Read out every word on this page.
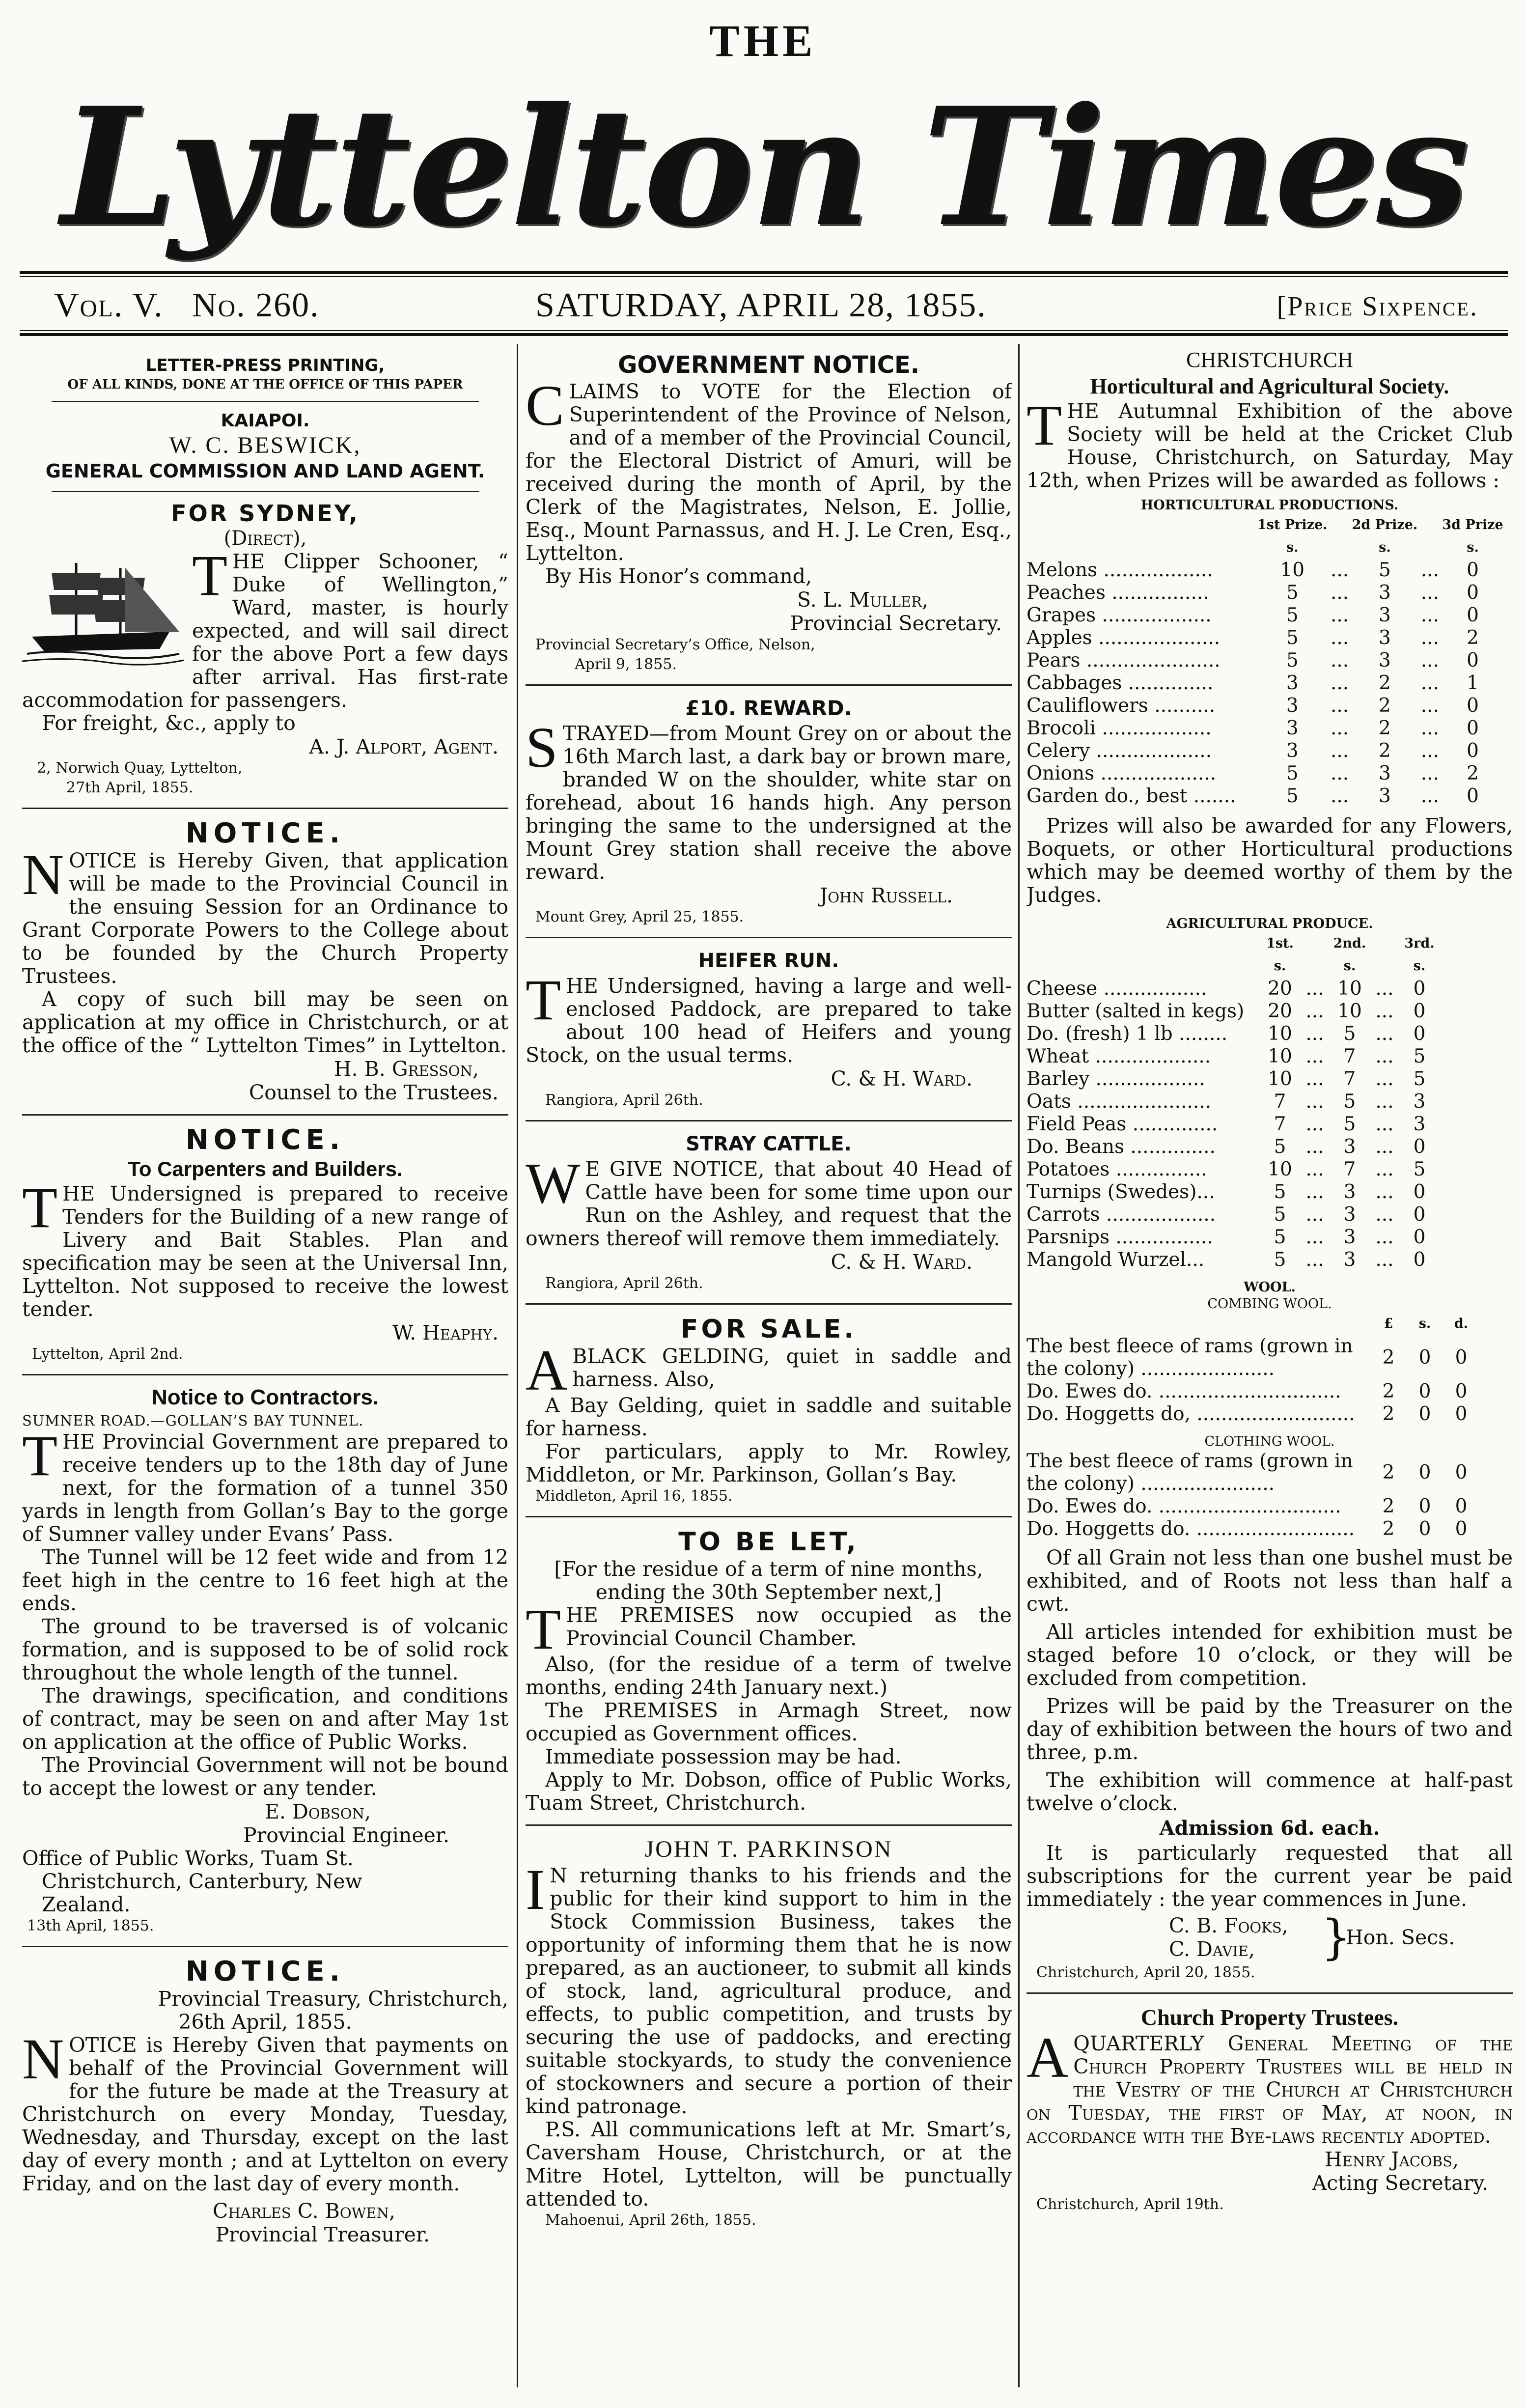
THE
Lyttelton Times
Vol. V. No. 260.	SATURDAY, APRIL 28, 1855.	[Price Sixpence.

LETTER-PRESS PRINTING,

OF ALL KINDS, DONE AT THE OFFICE OF THIS PAPER

KAIAPOI.

W. C. BESWICK,

GENERAL COMMISSION AND LAND AGENT.

FOR SYDNEY,

(Direct),

THE Clipper Schooner, “ Duke of Wellington,” Ward, master, is hourly expected, and will sail direct for the above Port a few days after arrival. Has first-rate accommodation for passengers.

For freight, &c., apply to

A. J. Alport, Agent.

2, Norwich Quay, Lyttelton,

27th April, 1855.

NOTICE.

NOTICE is Hereby Given, that application will be made to the Provincial Council in the ensuing Session for an Ordinance to Grant Corporate Powers to the College about to be founded by the Church Property Trustees.

A copy of such bill may be seen on application at my office in Christchurch, or at the office of the “ Lyttelton Times” in Lyttelton.

H. B. Gresson,

Counsel to the Trustees.

NOTICE.

To Carpenters and Builders.

THE Undersigned is prepared to receive Tenders for the Building of a new range of Livery and Bait Stables. Plan and specification may be seen at the Universal Inn, Lyttelton. Not supposed to receive the lowest tender.

W. Heaphy.

Lyttelton, April 2nd.

Notice to Contractors.

SUMNER ROAD.—GOLLAN’S BAY TUNNEL.

THE Provincial Government are prepared to receive tenders up to the 18th day of June next, for the formation of a tunnel 350 yards in length from Gollan’s Bay to the gorge of Sumner valley under Evans’ Pass.

The Tunnel will be 12 feet wide and from 12 feet high in the centre to 16 feet high at the ends.

The ground to be traversed is of volcanic formation, and is supposed to be of solid rock throughout the whole length of the tunnel.

The drawings, specification, and conditions of contract, may be seen on and after May 1st on application at the office of Public Works.

The Provincial Government will not be bound to accept the lowest or any tender.

E. Dobson,

Provincial Engineer.

Office of Public Works, Tuam St.

Christchurch, Canterbury, New

Zealand.

13th April, 1855.

NOTICE.

Provincial Treasury, Christchurch,

26th April, 1855.

NOTICE is Hereby Given that payments on behalf of the Provincial Government will for the future be made at the Treasury at Christchurch on every Monday, Tuesday, Wednesday, and Thursday, except on the last day of every month ; and at Lyttelton on every Friday, and on the last day of every month.

Charles C. Bowen,

Provincial Treasurer.

GOVERNMENT NOTICE.

CLAIMS to VOTE for the Election of Superintendent of the Province of Nelson, and of a member of the Provincial Council, for the Electoral District of Amuri, will be received during the month of April, by the Clerk of the Magistrates, Nelson, E. Jollie, Esq., Mount Parnassus, and H. J. Le Cren, Esq., Lyttelton.

By His Honor’s command,

S. L. Muller,

Provincial Secretary.

Provincial Secretary’s Office, Nelson,

April 9, 1855.

£10. REWARD.

STRAYED—from Mount Grey on or about the 16th March last, a dark bay or brown mare, branded W on the shoulder, white star on forehead, about 16 hands high. Any person bringing the same to the undersigned at the Mount Grey station shall receive the above reward.

John Russell.

Mount Grey, April 25, 1855.

HEIFER RUN.

THE Undersigned, having a large and well-enclosed Paddock, are prepared to take about 100 head of Heifers and young Stock, on the usual terms.

C. & H. Ward.

Rangiora, April 26th.

STRAY CATTLE.

W E GIVE NOTICE, that about 40 Head of Cattle have been for some time upon our Run on the Ashley, and request that the owners thereof will remove them immediately.

C. & H. Ward.

Rangiora, April 26th.

FOR SALE.

ABLACK GELDING, quiet in saddle and harness. Also,

A Bay Gelding, quiet in saddle and suitable for harness.

For particulars, apply to Mr. Rowley, Middleton, or Mr. Parkinson, Gollan’s Bay.

Middleton, April 16, 1855.

TO BE LET,

[For the residue of a term of nine months,

ending the 30th September next,]

THE PREMISES now occupied as the Provincial Council Chamber.

Also, (for the residue of a term of twelve months, ending 24th January next.)

The PREMISES in Armagh Street, now occupied as Government offices.

Immediate possession may be had.

Apply to Mr. Dobson, office of Public Works, Tuam Street, Christchurch.

JOHN T. PARKINSON

I N returning thanks to his friends and the public for their kind support to him in the Stock Commission Business, takes the opportunity of informing them that he is now prepared, as an auctioneer, to submit all kinds of stock, land, agricultural produce, and effects, to public competition, and trusts by securing the use of paddocks, and erecting suitable stockyards, to study the convenience of stockowners and secure a portion of their kind patronage.

P.S. All communications left at Mr. Smart’s, Caversham House, Christchurch, or at the Mitre Hotel, Lyttelton, will be punctually attended to.

Mahoenui, April 26th, 1855.

CHRISTCHURCH

Horticultural and Agricultural Society.

THE Autumnal Exhibition of the above Society will be held at the Cricket Club House, Christchurch, on Saturday, May 12th, when Prizes will be awarded as follows :

HORTICULTURAL PRODUCTIONS.

	1st Prize.		2d Prize.		3d Prize
	s.		s.		s.
Melons ..................	10	...	5	...	0
Peaches ................	5	...	3	...	0
Grapes ..................	5	...	3	...	0
Apples ....................	5	...	3	...	2
Pears ......................	5	...	3	...	0
Cabbages ..............	3	...	2	...	1
Cauliflowers ..........	3	...	2	...	0
Brocoli ..................	3	...	2	...	0
Celery ...................	3	...	2	...	0
Onions ...................	5	...	3	...	2
Garden do., best .......	5	...	3	...	0

Prizes will also be awarded for any Flowers, Boquets, or other Horticultural productions which may be deemed worthy of them by the Judges.

AGRICULTURAL PRODUCE.

	1st.		2nd.		3rd.
	s.		s.		s.
Cheese .................	20	...	10	...	0
Butter (salted in kegs)	20	...	10	...	0
Do. (fresh) 1 lb ........	10	...	5	...	0
Wheat ...................	10	...	7	...	5
Barley ..................	10	...	7	...	5
Oats ......................	7	...	5	...	3
Field Peas ..............	7	...	5	...	3
Do. Beans ..............	5	...	3	...	0
Potatoes ...............	10	...	7	...	5
Turnips (Swedes)...	5	...	3	...	0
Carrots ..................	5	...	3	...	0
Parsnips ................	5	...	3	...	0
Mangold Wurzel...	5	...	3	...	0

WOOL.

COMBING WOOL.

	£	s.	d.
The best fleece of rams (grown in the colony) ......................	2	0	0
Do. Ewes do. ..............................	2	0	0
Do. Hoggetts do, ..........................	2	0	0

CLOTHING WOOL.

The best fleece of rams (grown in the colony) ......................	2	0	0
Do. Ewes do. ..............................	2	0	0
Do. Hoggetts do. ..........................	2	0	0

Of all Grain not less than one bushel must be exhibited, and of Roots not less than half a cwt.

All articles intended for exhibition must be staged before 10 o’clock, or they will be excluded from competition.

Prizes will be paid by the Treasurer on the day of exhibition between the hours of two and three, p.m.

The exhibition will commence at half-past twelve o’clock.

Admission 6d. each.

It is particularly requested that all subscriptions for the current year be paid immediately : the year commences in June.

C. B. Fooks,

C. Davie, }

Hon. Secs.

Christchurch, April 20, 1855.

Church Property Trustees.

AQUARTERLY General Meeting of the Church Property Trustees will be held in the Vestry of the Church at Christchurch on Tuesday, the first of May, at noon, in accordance with the Bye-laws recently adopted.

Henry Jacobs,

Acting Secretary.

Christchurch, April 19th.
